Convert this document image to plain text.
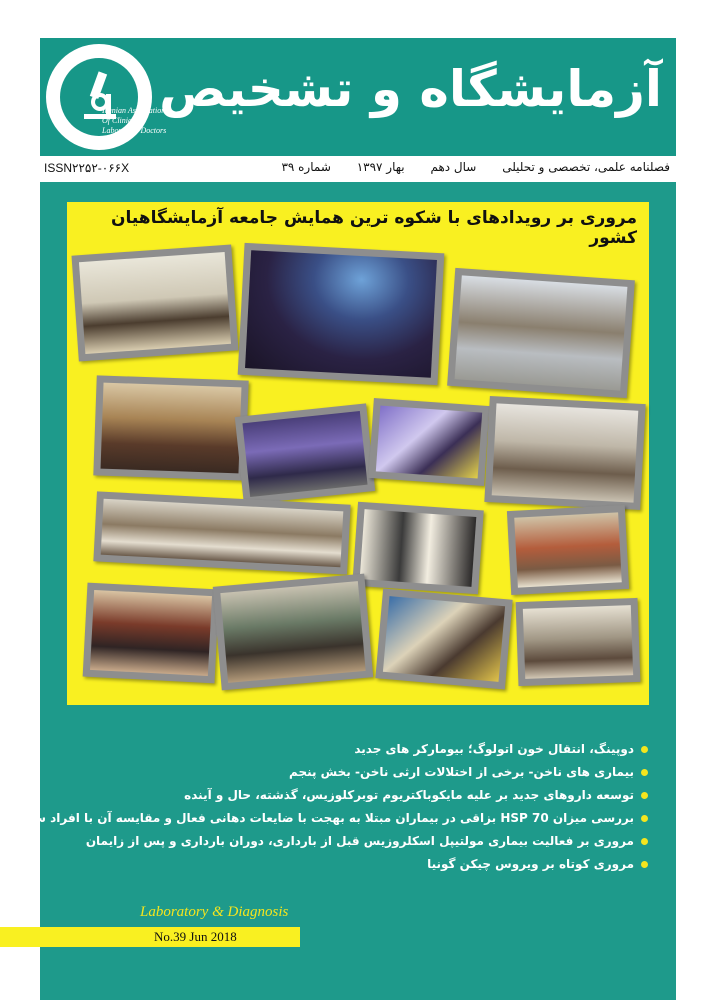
Iranian Association
Of Clinical
Laboratory Doctors
آزمایشگاه و تشخیص
ISSN۲۲۵۲-۰۶۶X	فصلنامه علمی، تخصصی و تحلیلی سال دهم بهار ۱۳۹۷ شماره ۳۹
مروری بر رویدادهای با شکوه ترین همایش جامعه آزمایشگاهیان کشور
دوپینگ، انتقال خون اتولوگ؛ بیومارکر های جدید
بیماری های ناخن- برخی از اختلالات ارثی ناخن- بخش پنجم
توسعه داروهای جدید بر علیه مایکوباکتریوم توبرکلوزیس، گذشته، حال و آینده
بررسی میزان HSP 70 بزاقی در بیماران مبتلا به بهجت با ضایعات دهانی فعال و مقایسه آن با افراد سالم
مروری بر فعالیت بیماری مولتیپل اسکلروزیس قبل از بارداری، دوران بارداری و پس از زایمان
مروری کوتاه بر ویروس چیکن گونیا
Laboratory & Diagnosis
No.39 Jun 2018
